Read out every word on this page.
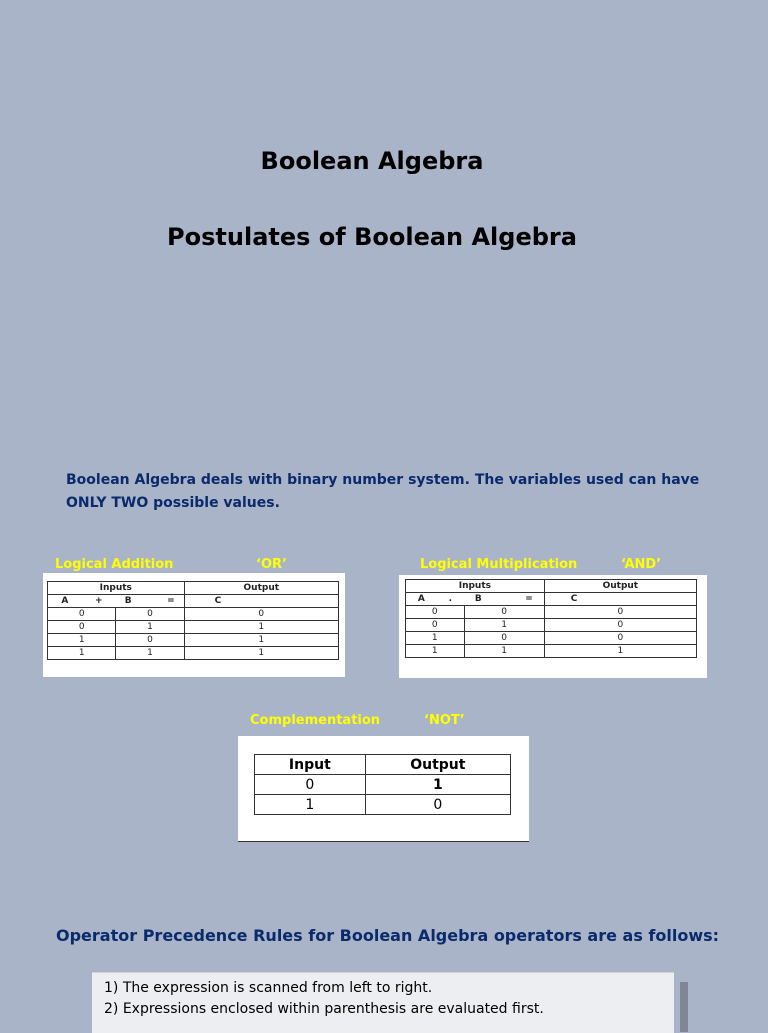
Boolean Algebra
Postulates of Boolean Algebra
Boolean Algebra deals with binary number system. The variables used can have ONLY TWO possible values.
Logical Addition	‘OR’
Inputs		Output

A +	B =	C
0	0	0
0	1	1
1	0	1
1	1	1
Logical Multiplication	‘AND’
Inputs		Output

A .	B =	C
0	0	0
0	1	0
1	0	0
1	1	1
Complementation	‘NOT’
Input	Output
0	1
1	0
Operator Precedence Rules for Boolean Algebra operators are as follows:
1) The expression is scanned from left to right.
2) Expressions enclosed within parenthesis are evaluated first.
